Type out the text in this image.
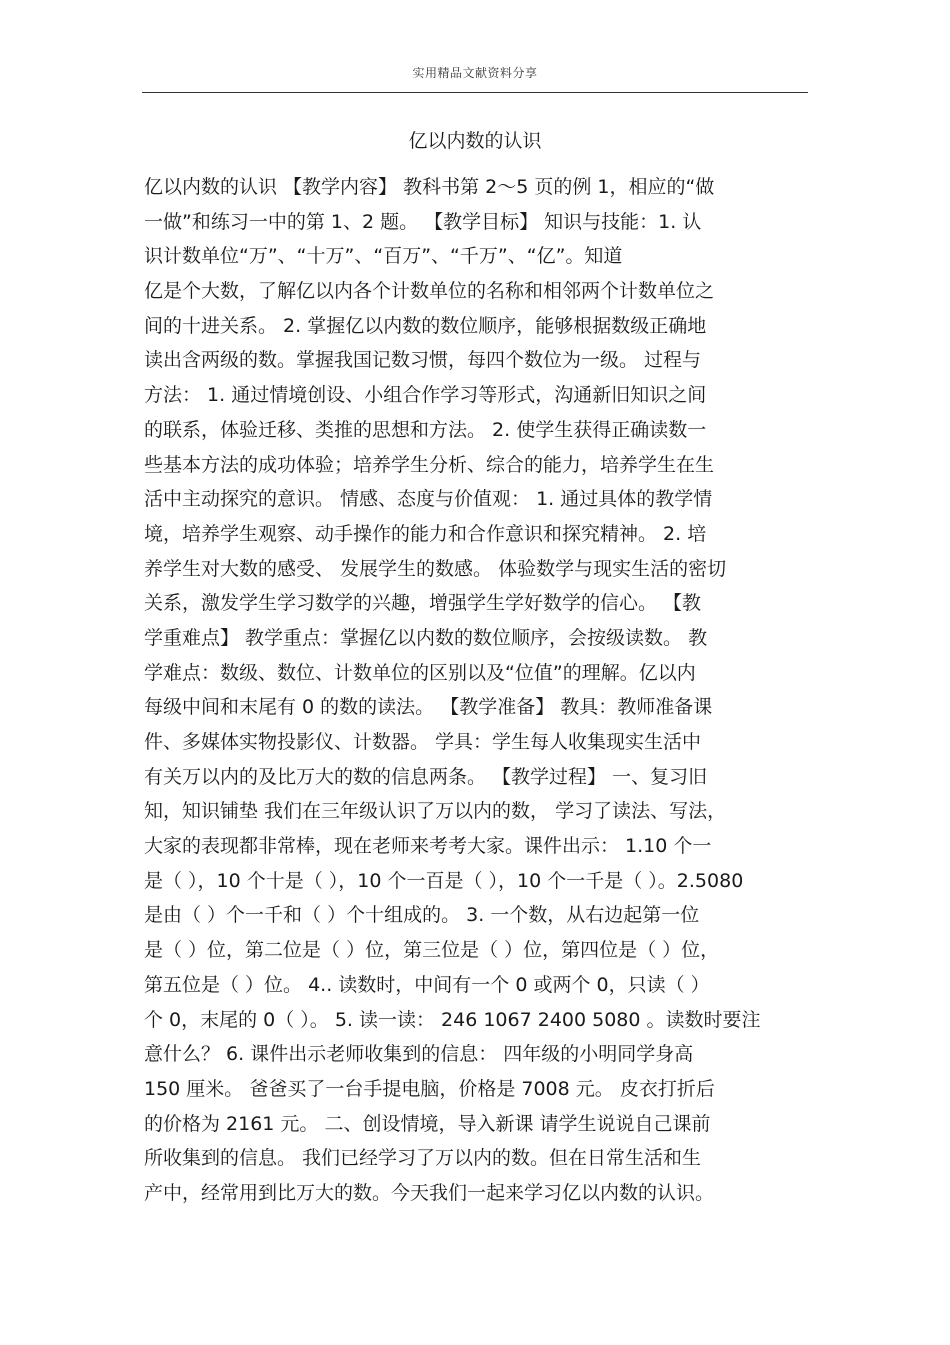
实用精品文献资料分享
亿以内数的认识
亿以内数的认识 【教学内容】 教科书第 2～5 页的例 1，相应的“做
一做”和练习一中的第 1、2 题。 【教学目标】 知识与技能：1. 认
识计数单位“万”、“十万”、“百万”、“千万”、“亿”。知道
亿是个大数，了解亿以内各个计数单位的名称和相邻两个计数单位之
间的十进关系。 2. 掌握亿以内数的数位顺序，能够根据数级正确地
读出含两级的数。掌握我国记数习惯，每四个数位为一级。 过程与
方法： 1. 通过情境创设、小组合作学习等形式，沟通新旧知识之间
的联系，体验迁移、类推的思想和方法。 2. 使学生获得正确读数一
些基本方法的成功体验；培养学生分析、综合的能力，培养学生在生
活中主动探究的意识。 情感、态度与价值观： 1. 通过具体的教学情
境，培养学生观察、动手操作的能力和合作意识和探究精神。 2. 培
养学生对大数的感受、 发展学生的数感。 体验数学与现实生活的密切
关系，激发学生学习数学的兴趣，增强学生学好数学的信心。 【教
学重难点】 教学重点：掌握亿以内数的数位顺序，会按级读数。 教
学难点：数级、数位、计数单位的区别以及“位值”的理解。亿以内
每级中间和末尾有 0 的数的读法。 【教学准备】 教具：教师准备课
件、多媒体实物投影仪、计数器。 学具：学生每人收集现实生活中
有关万以内的及比万大的数的信息两条。 【教学过程】 一、复习旧
知，知识铺垫 我们在三年级认识了万以内的数， 学习了读法、写法，
大家的表现都非常棒，现在老师来考考大家。课件出示： 1.10 个一
是（ ），10 个十是（ ），10 个一百是（ ），10 个一千是（ ）。2.5080
是由（ ）个一千和（ ）个十组成的。 3. 一个数，从右边起第一位
是（ ）位，第二位是（ ）位，第三位是（ ）位，第四位是（ ）位，
第五位是（ ）位。 4.. 读数时，中间有一个 0 或两个 0，只读（ ）
个 0，末尾的 0（ ）。 5. 读一读： 246 1067 2400 5080 。读数时要注
意什么？ 6. 课件出示老师收集到的信息： 四年级的小明同学身高
150 厘米。 爸爸买了一台手提电脑，价格是 7008 元。 皮衣打折后
的价格为 2161 元。 二、创设情境，导入新课 请学生说说自己课前
所收集到的信息。 我们已经学习了万以内的数。但在日常生活和生
产中，经常用到比万大的数。今天我们一起来学习亿以内数的认识。
